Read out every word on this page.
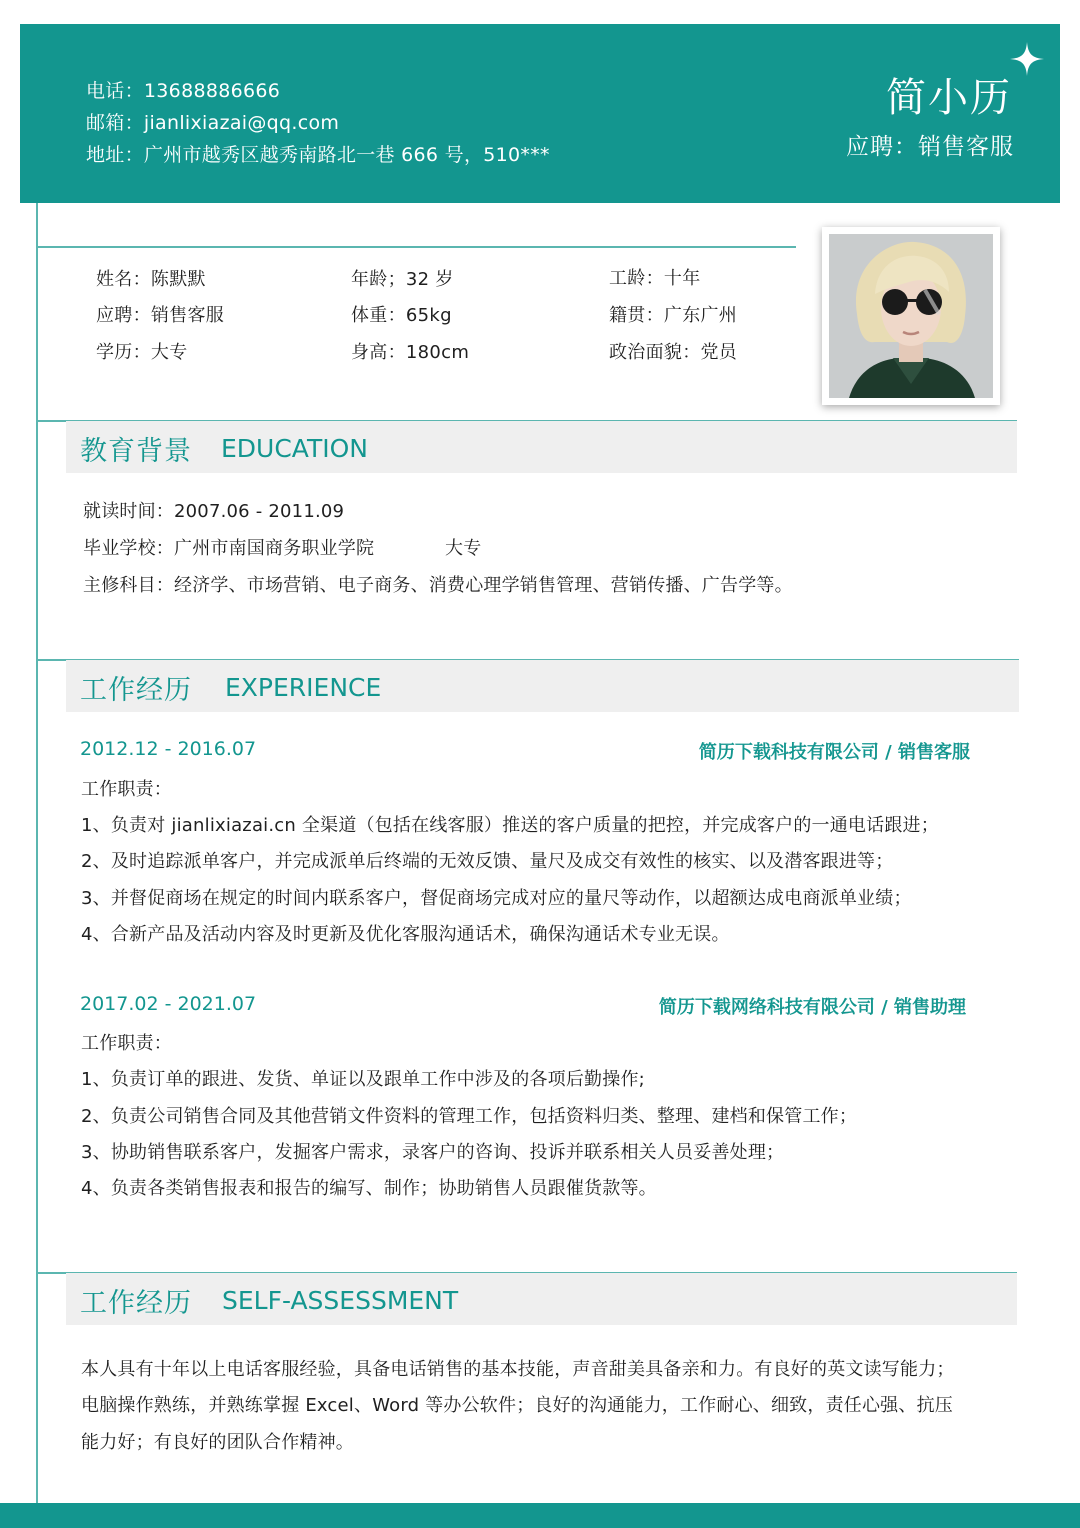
电话：13688886666
邮箱：jianlixiazai@qq.com
地址：广州市越秀区越秀南路北一巷 666 号，510***
简小历
应聘：销售客服
姓名：陈默默	年龄；32 岁	工龄：十年
应聘：销售客服	体重：65kg	籍贯：广东广州
学历：大专	身高：180cm	政治面貌：党员
教育背景 EDUCATION
就读时间：2007.06 - 2011.09
毕业学校：广州市南国商务职业学院	大专
主修科目：经济学、市场营销、电子商务、消费心理学销售管理、营销传播、广告学等。
工作经历 EXPERIENCE
2012.12 - 2016.07	简历下载科技有限公司 / 销售客服
工作职责：
1、负责对 jianlixiazai.cn 全渠道（包括在线客服）推送的客户质量的把控，并完成客户的一通电话跟进；
2、及时追踪派单客户，并完成派单后终端的无效反馈、量尺及成交有效性的核实、以及潜客跟进等；
3、并督促商场在规定的时间内联系客户，督促商场完成对应的量尺等动作，以超额达成电商派单业绩；
4、合新产品及活动内容及时更新及优化客服沟通话术，确保沟通话术专业无误。
2017.02 - 2021.07	简历下载网络科技有限公司 / 销售助理
工作职责：
1、负责订单的跟进、发货、单证以及跟单工作中涉及的各项后勤操作;
2、负责公司销售合同及其他营销文件资料的管理工作，包括资料归类、整理、建档和保管工作；
3、协助销售联系客户，发掘客户需求，录客户的咨询、投诉并联系相关人员妥善处理；
4、负责各类销售报表和报告的编写、制作；协助销售人员跟催货款等。
工作经历 SELF-ASSESSMENT
本人具有十年以上电话客服经验，具备电话销售的基本技能，声音甜美具备亲和力。有良好的英文读写能力；
电脑操作熟练，并熟练掌握 Excel、Word 等办公软件；良好的沟通能力，工作耐心、细致，责任心强、抗压
能力好；有良好的团队合作精神。
